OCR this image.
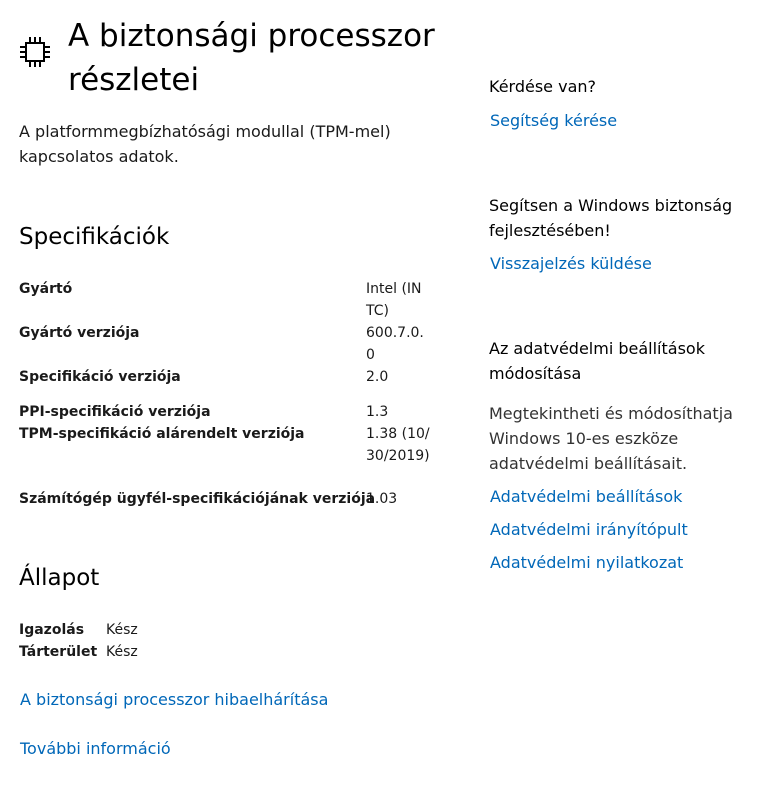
A biztonsági processzor részletei

A platformmegbízhatósági modullal (TPM-mel) kapcsolatos adatok.

Specifikációk
Gyártó	Intel (INTC)
Gyártó verziója	600.7.0.0
Specifikáció verziója	2.0
PPI-specifikáció verziója	1.3
TPM-specifikáció alárendelt verziója	1.38 (10/30/2019)
Számítógép ügyfél-specifikációjának verziója
1.03
Állapot
Igazolás Kész
Tárterület Kész
A biztonsági processzor hibaelhárítása
További információ

Kérdése van?

Segítség kérése

Segítsen a Windows biztonság fejlesztésében!

Visszajelzés küldése

Az adatvédelmi beállítások módosítása

Megtekintheti és módosíthatja Windows 10-es eszköze adatvédelmi beállításait.

Adatvédelmi beállítások
Adatvédelmi irányítópult
Adatvédelmi nyilatkozat
